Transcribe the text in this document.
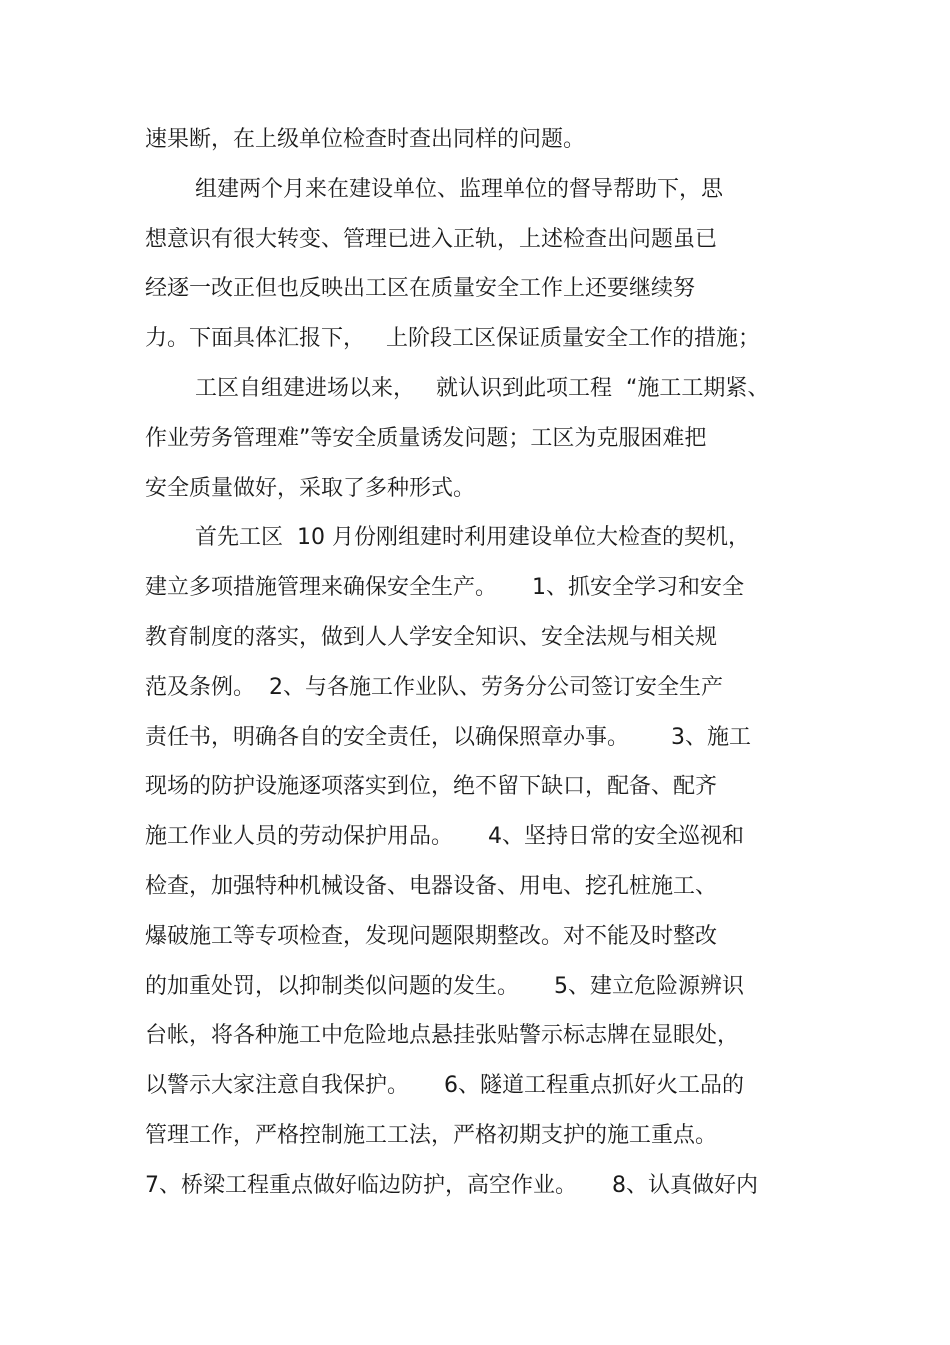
速果断，在上级单位检查时查出同样的问题。
组建两个月来在建设单位、监理单位的督导帮助下，思
想意识有很大转变、管理已进入正轨，上述检查出问题虽已
经逐一改正但也反映出工区在质量安全工作上还要继续努
力。下面具体汇报下，   上阶段工区保证质量安全工作的措施；
工区自组建进场以来，   就认识到此项工程  “施工工期紧、
作业劳务管理难”等安全质量诱发问题；工区为克服困难把
安全质量做好，采取了多种形式。
首先工区  10 月份刚组建时利用建设单位大检查的契机，
建立多项措施管理来确保安全生产。     1、抓安全学习和安全
教育制度的落实，做到人人学安全知识、安全法规与相关规
范及条例。  2、与各施工作业队、劳务分公司签订安全生产
责任书，明确各自的安全责任，以确保照章办事。      3、施工
现场的防护设施逐项落实到位，绝不留下缺口，配备、配齐
施工作业人员的劳动保护用品。     4、坚持日常的安全巡视和
检查，加强特种机械设备、电器设备、用电、挖孔桩施工、
爆破施工等专项检查，发现问题限期整改。对不能及时整改
的加重处罚，以抑制类似问题的发生。     5、建立危险源辨识
台帐，将各种施工中危险地点悬挂张贴警示标志牌在显眼处，
以警示大家注意自我保护。     6、隧道工程重点抓好火工品的
管理工作，严格控制施工工法，严格初期支护的施工重点。
7、桥梁工程重点做好临边防护，高空作业。     8、认真做好内
